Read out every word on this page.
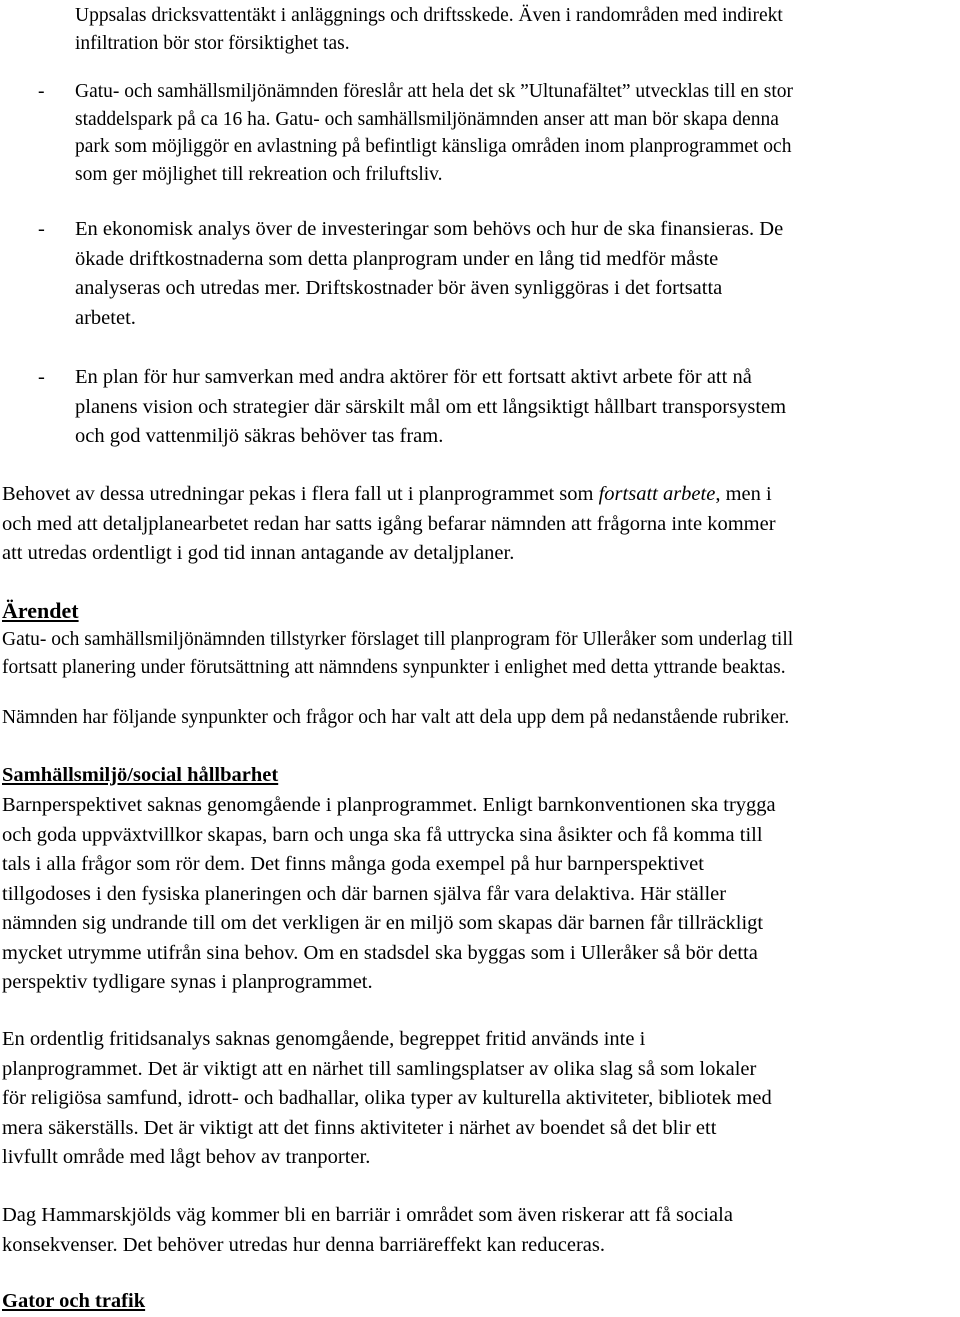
Uppsalas dricksvattentäkt i anläggnings och driftsskede. Även i randområden med indirekt
infiltration bör stor försiktighet tas.
- Gatu- och samhällsmiljönämnden föreslår att hela det sk ”Ultunafältet” utvecklas till en stor
staddelspark på ca 16 ha. Gatu- och samhällsmiljönämnden anser att man bör skapa denna
park som möjliggör en avlastning på befintligt känsliga områden inom planprogrammet och
som ger möjlighet till rekreation och friluftsliv.
- En ekonomisk analys över de investeringar som behövs och hur de ska finansieras. De
ökade driftkostnaderna som detta planprogram under en lång tid medför måste
analyseras och utredas mer. Driftskostnader bör även synliggöras i det fortsatta
arbetet.
- En plan för hur samverkan med andra aktörer för ett fortsatt aktivt arbete för att nå
planens vision och strategier där särskilt mål om ett långsiktigt hållbart transporsystem
och god vattenmiljö säkras behöver tas fram.
Behovet av dessa utredningar pekas i flera fall ut i planprogrammet som fortsatt arbete, men i
och med att detaljplanearbetet redan har satts igång befarar nämnden att frågorna inte kommer
att utredas ordentligt i god tid innan antagande av detaljplaner.
Ärendet
Gatu- och samhällsmiljönämnden tillstyrker förslaget till planprogram för Ulleråker som underlag till
fortsatt planering under förutsättning att nämndens synpunkter i enlighet med detta yttrande beaktas.
Nämnden har följande synpunkter och frågor och har valt att dela upp dem på nedanstående rubriker.
Samhällsmiljö/social hållbarhet
Barnperspektivet saknas genomgående i planprogrammet. Enligt barnkonventionen ska trygga
och goda uppväxtvillkor skapas, barn och unga ska få uttrycka sina åsikter och få komma till
tals i alla frågor som rör dem. Det finns många goda exempel på hur barnperspektivet
tillgodoses i den fysiska planeringen och där barnen själva får vara delaktiva. Här ställer
nämnden sig undrande till om det verkligen är en miljö som skapas där barnen får tillräckligt
mycket utrymme utifrån sina behov. Om en stadsdel ska byggas som i Ulleråker så bör detta
perspektiv tydligare synas i planprogrammet.
En ordentlig fritidsanalys saknas genomgående, begreppet fritid används inte i
planprogrammet. Det är viktigt att en närhet till samlingsplatser av olika slag så som lokaler
för religiösa samfund, idrott- och badhallar, olika typer av kulturella aktiviteter, bibliotek med
mera säkerställs. Det är viktigt att det finns aktiviteter i närhet av boendet så det blir ett
livfullt område med lågt behov av tranporter.
Dag Hammarskjölds väg kommer bli en barriär i området som även riskerar att få sociala
konsekvenser. Det behöver utredas hur denna barriäreffekt kan reduceras.
Gator och trafik
